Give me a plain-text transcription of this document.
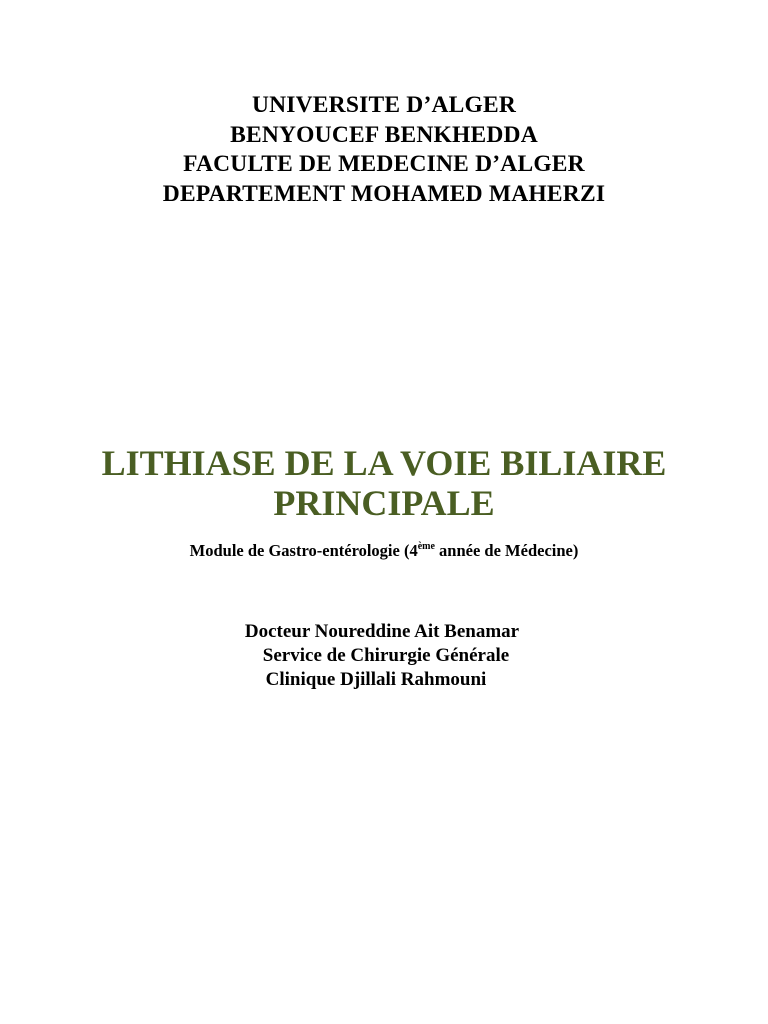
UNIVERSITE D’ALGER
BENYOUCEF BENKHEDDA
FACULTE DE MEDECINE D’ALGER
DEPARTEMENT MOHAMED MAHERZI
LITHIASE DE LA VOIE BILIAIRE
PRINCIPALE
Module de Gastro-entérologie (4ème année de Médecine)
Docteur Noureddine Ait Benamar
Service de Chirurgie Générale
Clinique Djillali Rahmouni
